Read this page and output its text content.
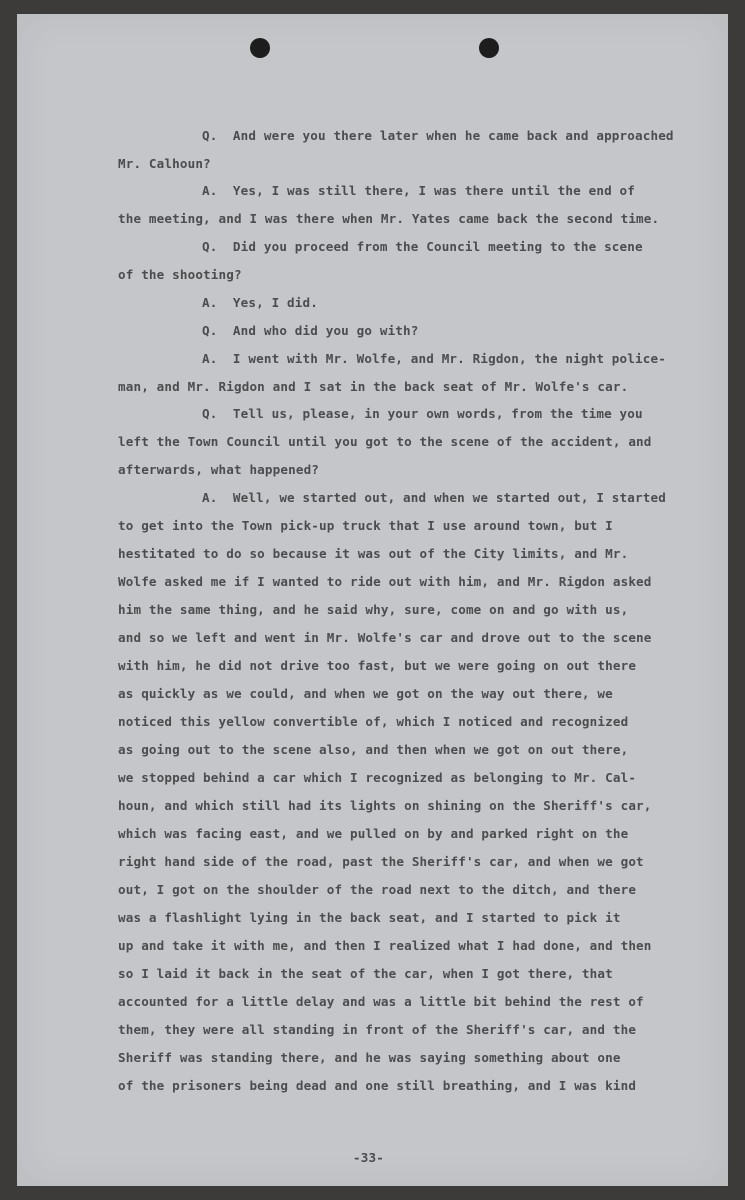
Q.  And were you there later when he came back and approached

Mr. Calhoun?

A.  Yes, I was still there, I was there until the end of

the meeting, and I was there when Mr. Yates came back the second time.

Q.  Did you proceed from the Council meeting to the scene

of the shooting?

A.  Yes, I did.

Q.  And who did you go with?

A.  I went with Mr. Wolfe, and Mr. Rigdon, the night police-

man, and Mr. Rigdon and I sat in the back seat of Mr. Wolfe's car.

Q.  Tell us, please, in your own words, from the time you

left the Town Council until you got to the scene of the accident, and

afterwards, what happened?

A.  Well, we started out, and when we started out, I started

to get into the Town pick-up truck that I use around town, but I

hestitated to do so because it was out of the City limits, and Mr.

Wolfe asked me if I wanted to ride out with him, and Mr. Rigdon asked

him the same thing, and he said why, sure, come on and go with us,

and so we left and went in Mr. Wolfe's car and drove out to the scene

with him, he did not drive too fast, but we were going on out there

as quickly as we could, and when we got on the way out there, we

noticed this yellow convertible of, which I noticed and recognized

as going out to the scene also, and then when we got on out there,

we stopped behind a car which I recognized as belonging to Mr. Cal-

houn, and which still had its lights on shining on the Sheriff's car,

which was facing east, and we pulled on by and parked right on the

right hand side of the road, past the Sheriff's car, and when we got

out, I got on the shoulder of the road next to the ditch, and there

was a flashlight lying in the back seat, and I started to pick it

up and take it with me, and then I realized what I had done, and then

so I laid it back in the seat of the car, when I got there, that

accounted for a little delay and was a little bit behind the rest of

them, they were all standing in front of the Sheriff's car, and the

Sheriff was standing there, and he was saying something about one

of the prisoners being dead and one still breathing, and I was kind

-33-
